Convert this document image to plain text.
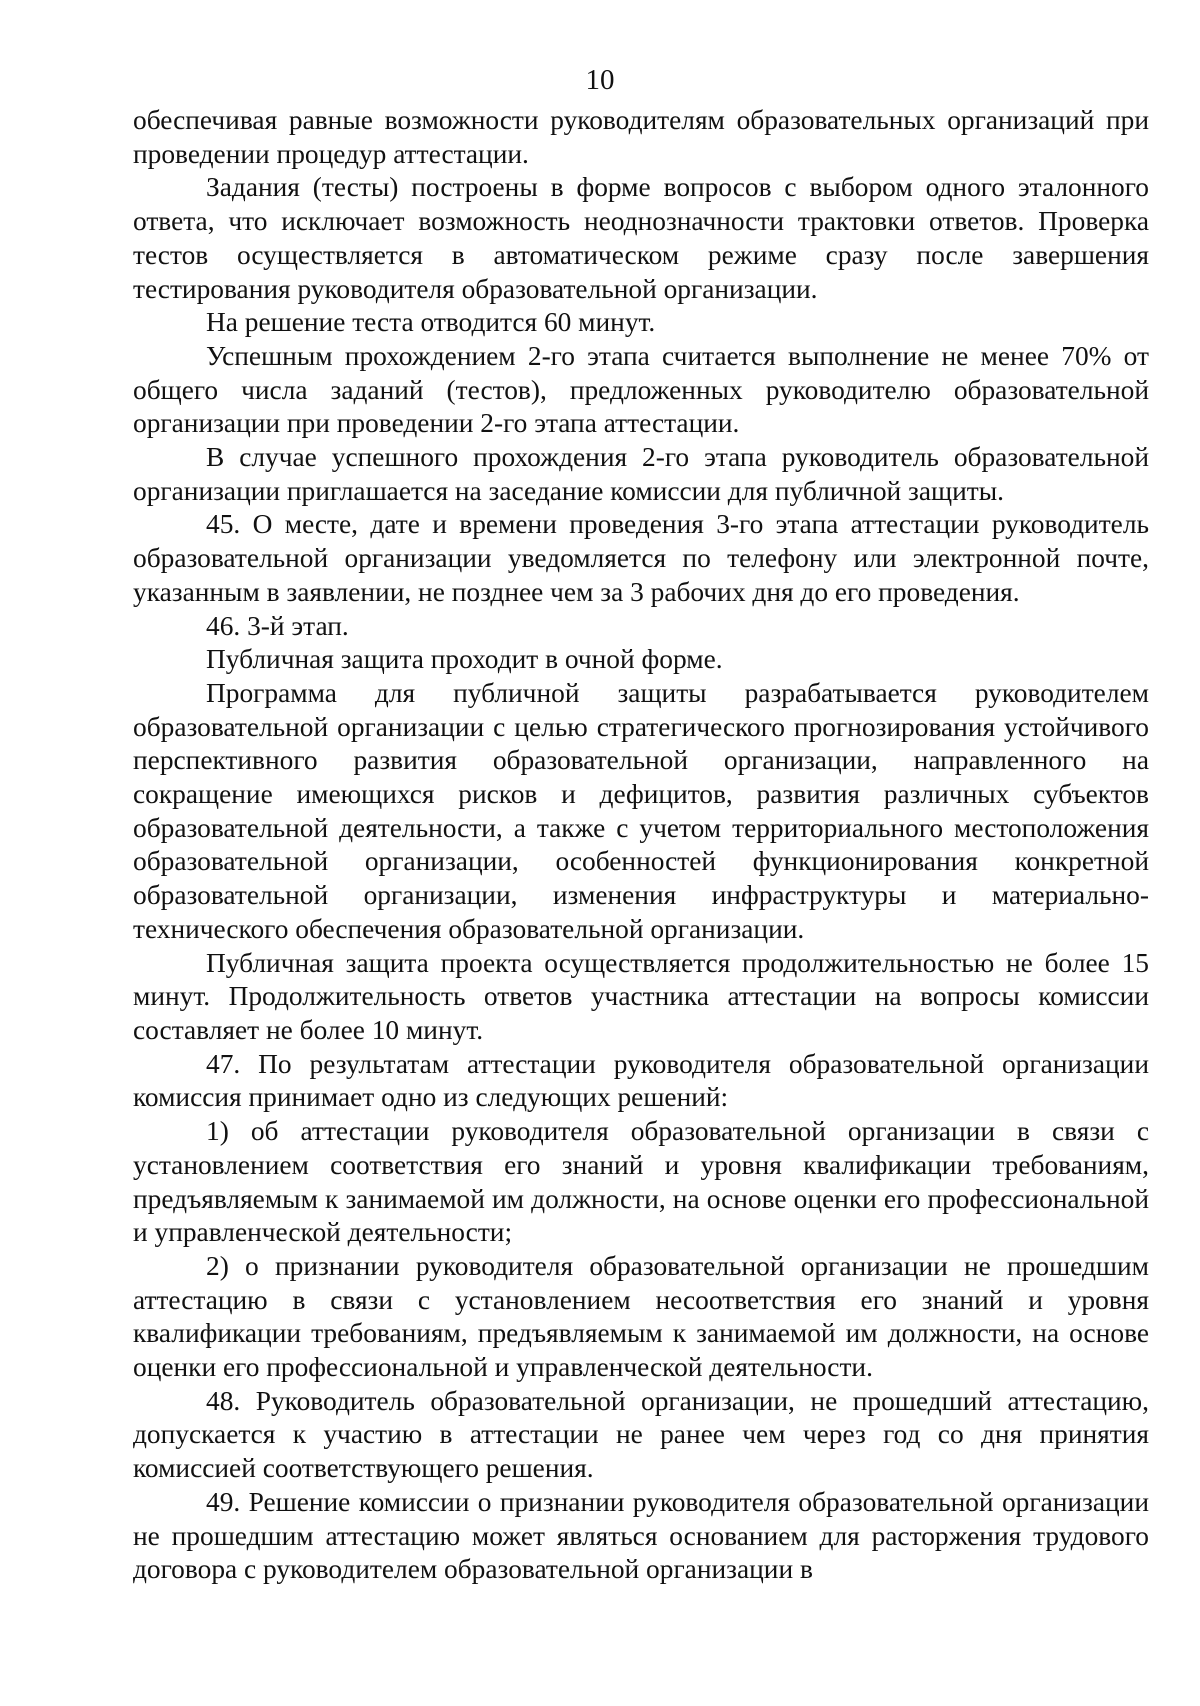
10

обеспечивая равные возможности руководителям образовательных организаций при проведении процедур аттестации.

Задания (тесты) построены в форме вопросов с выбором одного эталонного ответа, что исключает возможность неоднозначности трактовки ответов. Проверка тестов осуществляется в автоматическом режиме сразу после завершения тестирования руководителя образовательной организации.

На решение теста отводится 60 минут.

Успешным прохождением 2-го этапа считается выполнение не менее 70% от общего числа заданий (тестов), предложенных руководителю образовательной организации при проведении 2-го этапа аттестации.

В случае успешного прохождения 2-го этапа руководитель образовательной организации приглашается на заседание комиссии для публичной защиты.

45. О месте, дате и времени проведения 3-го этапа аттестации руководитель образовательной организации уведомляется по телефону или электронной почте, указанным в заявлении, не позднее чем за 3 рабочих дня до его проведения.

46. 3-й этап.

Публичная защита проходит в очной форме.

Программа для публичной защиты разрабатывается руководителем образовательной организации с целью стратегического прогнозирования устойчивого перспективного развития образовательной организации, направленного на сокращение имеющихся рисков и дефицитов, развития различных субъектов образовательной деятельности, а также с учетом территориального местоположения образовательной организации, особенностей функционирования конкретной образовательной организации, изменения инфраструктуры и материально-технического обеспечения образовательной организации.

Публичная защита проекта осуществляется продолжительностью не более 15 минут. Продолжительность ответов участника аттестации на вопросы комиссии составляет не более 10 минут.

47. По результатам аттестации руководителя образовательной организации комиссия принимает одно из следующих решений:

1) об аттестации руководителя образовательной организации в связи с установлением соответствия его знаний и уровня квалификации требованиям, предъявляемым к занимаемой им должности, на основе оценки его профессиональной и управленческой деятельности;

2) о признании руководителя образовательной организации не прошедшим аттестацию в связи с установлением несоответствия его знаний и уровня квалификации требованиям, предъявляемым к занимаемой им должности, на основе оценки его профессиональной и управленческой деятельности.

48. Руководитель образовательной организации, не прошедший аттестацию, допускается к участию в аттестации не ранее чем через год со дня принятия комиссией соответствующего решения.

49. Решение комиссии о признании руководителя образовательной организации не прошедшим аттестацию может являться основанием для расторжения трудового договора с руководителем образовательной организации в
